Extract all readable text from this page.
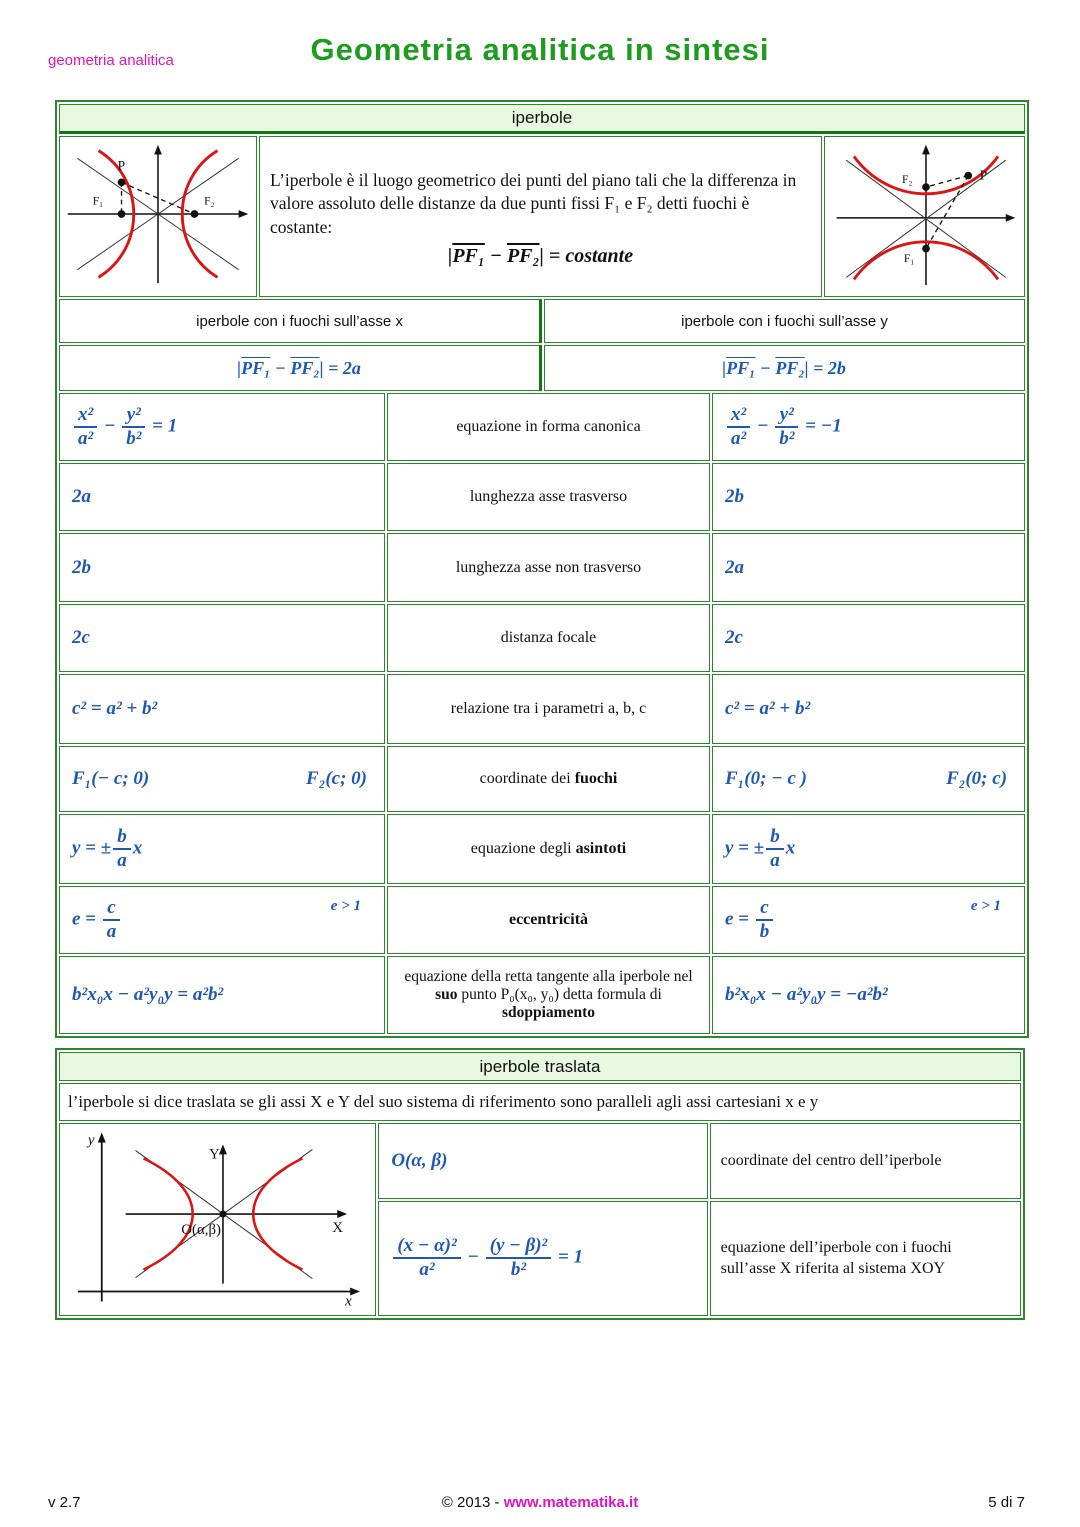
geometria analitica	Geometria analitica in sintesi
iperbole					

P
F₁	F₂

L’iperbole è il luogo geometrico dei punti del piano tali che la differenza in valore assoluto delle distanze da due punti fissi F₁ e F₂ detti fuochi è costante:
|PF₁ − PF₂| = costante

P
F₂
F₁

iperbole con i fuochi sull’asse x			iperbole con i fuochi sull’asse y		
|PF₁ − PF₂| = 2a			|PF₁ − PF₂| = 2b		

$\frac{\text{x²}}{\text{a²}} - \frac{\text{y²}}{\text{b²}} = 1$	equazione in forma canonica	$\frac{\text{x²}}{\text{a²}} - \frac{\text{y²}}{\text{b²}} = -1$
2a		lunghezza asse trasverso		2b	
2b		lunghezza asse non trasverso		2a	
2c		distanza focale		2c	
c² = a² + b²		relazione tra i parametri a, b, c		c² = a² + b²	

F₁(− c; 0) F₂(c; 0)		coordinate dei fuochi		F₁(0; − c ) F₂(0; c)	

y = ± $\frac{b}{a}$ x		equazione degli asintoti		y = ± $\frac{b}{a}$ x	
$e = \frac{c}{a}$ e > 1		eccentricità		$e = \frac{c}{b}$ e > 1	

b²x₀x − a²y₀y = a²b²		equazione della retta tangente alla iperbole nel suo punto P₀(x₀, y₀) detta formula di sdoppiamento		b²x₀x − a²y₀y = −a²b²	
iperbole traslata		
l’iperbole si dice traslata se gli assi X e Y del suo sistema di riferimento sono paralleli agli assi cartesiani x e y		

y
x
Y
X
O(α,β)	O(α, β)	coordinate del centro dell’iperbole

$\frac{\text{(x − α)²}}{\text{a²}} - \frac{\text{(y − β)²}}{\text{b²}} = 1$	equazione dell’iperbole con i fuochi sull’asse X riferita al sistema XOY
v 2.7	© 2013 - www.matematika.it	5 di 7
